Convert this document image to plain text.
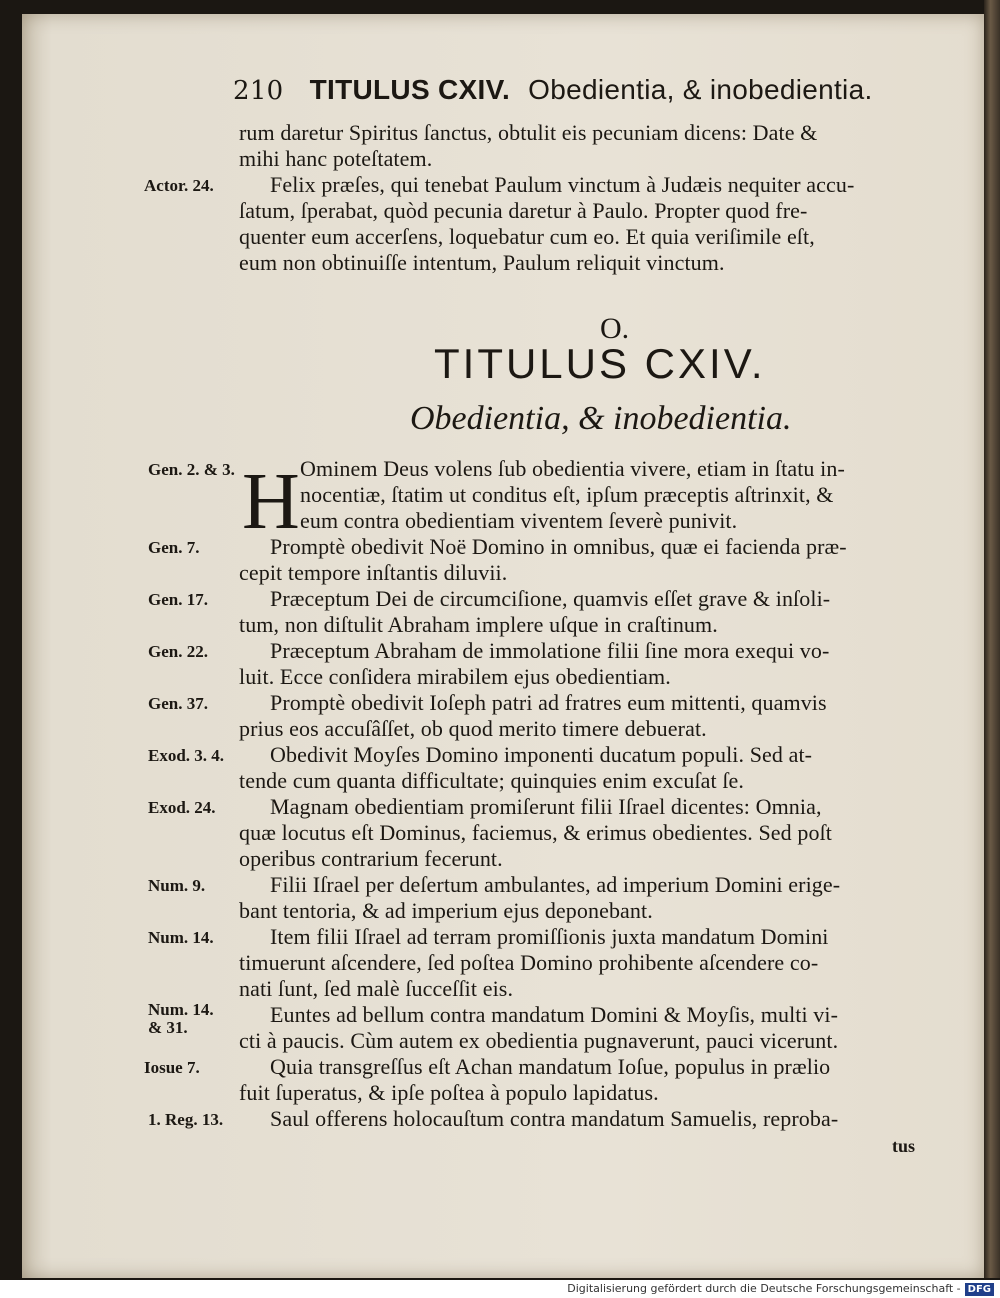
210 TITULUS CXIV. Obedientia, & inobedientia.
rum daretur Spiritus ſanctus, obtulit eis pecuniam dicens: Date &
mihi hanc poteſtatem.
Felix præſes, qui tenebat Paulum vinctum à Judæis nequiter accu-
ſatum, ſperabat, quòd pecunia daretur à Paulo. Propter quod fre-
quenter eum accerſens, loquebatur cum eo. Et quia veriſimile eſt,
eum non obtinuiſſe intentum, Paulum reliquit vinctum.
Actor. 24.
O.
TITULUS CXIV.
Obedientia, & inobedientia.
H Ominem Deus volens ſub obedientia vivere, etiam in ſtatu in-
nocentiæ, ſtatim ut conditus eſt, ipſum præceptis aſtrinxit, &
eum contra obedientiam viventem ſeverè punivit.
Promptè obedivit Noë Domino in omnibus, quæ ei facienda præ-
cepit tempore inſtantis diluvii.
Præceptum Dei de circumciſione, quamvis eſſet grave & inſoli-
tum, non diſtulit Abraham implere uſque in craſtinum.
Præceptum Abraham de immolatione filii ſine mora exequi vo-
luit. Ecce conſidera mirabilem ejus obedientiam.
Promptè obedivit Ioſeph patri ad fratres eum mittenti, quamvis
prius eos accuſâſſet, ob quod merito timere debuerat.
Obedivit Moyſes Domino imponenti ducatum populi. Sed at-
tende cum quanta difficultate; quinquies enim excuſat ſe.
Magnam obedientiam promiſerunt filii Iſrael dicentes: Omnia,
quæ locutus eſt Dominus, faciemus, & erimus obedientes. Sed poſt
operibus contrarium fecerunt.
Filii Iſrael per deſertum ambulantes, ad imperium Domini erige-
bant tentoria, & ad imperium ejus deponebant.
Item filii Iſrael ad terram promiſſionis juxta mandatum Domini
timuerunt aſcendere, ſed poſtea Domino prohibente aſcendere co-
nati ſunt, ſed malè ſucceſſit eis.
Euntes ad bellum contra mandatum Domini & Moyſis, multi vi-
cti à paucis. Cùm autem ex obedientia pugnaverunt, pauci vicerunt.
Quia transgreſſus eſt Achan mandatum Ioſue, populus in prælio
fuit ſuperatus, & ipſe poſtea à populo lapidatus.
Saul offerens holocauſtum contra mandatum Samuelis, reproba-
Gen. 2. & 3.
Gen. 7.
Gen. 17.
Gen. 22.
Gen. 37.
Exod. 3. 4.
Exod. 24.
Num. 9.
Num. 14.
Num. 14.
& 31.
Iosue 7.
1. Reg. 13.
tus
Digitalisierung gefördert durch die Deutsche Forschungsgemeinschaft - DFG
